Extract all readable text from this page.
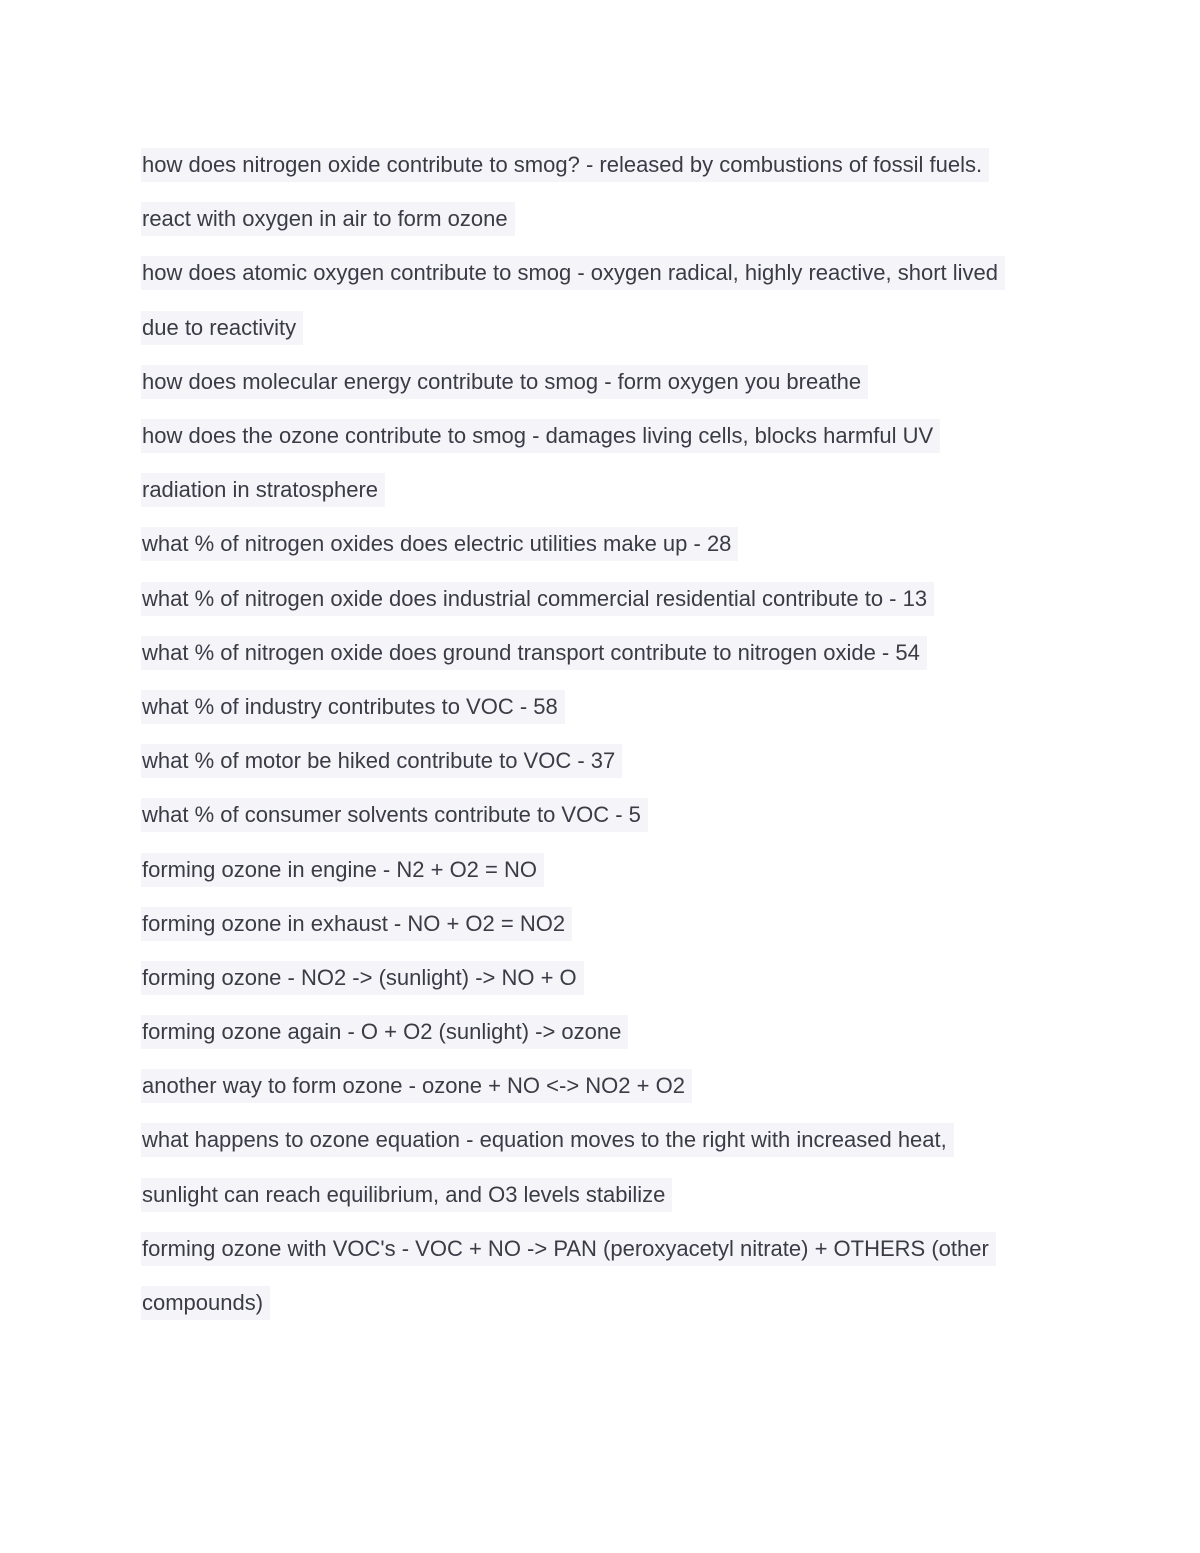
how does nitrogen oxide contribute to smog? - released by combustions of fossil fuels.
react with oxygen in air to form ozone
how does atomic oxygen contribute to smog - oxygen radical, highly reactive, short lived
due to reactivity
how does molecular energy contribute to smog - form oxygen you breathe
how does the ozone contribute to smog - damages living cells, blocks harmful UV
radiation in stratosphere
what % of nitrogen oxides does electric utilities make up - 28
what % of nitrogen oxide does industrial commercial residential contribute to - 13
what % of nitrogen oxide does ground transport contribute to nitrogen oxide - 54
what % of industry contributes to VOC - 58
what % of motor be hiked contribute to VOC - 37
what % of consumer solvents contribute to VOC - 5
forming ozone in engine - N2 + O2 = NO
forming ozone in exhaust - NO + O2 = NO2
forming ozone - NO2 -> (sunlight) -> NO + O
forming ozone again - O + O2 (sunlight) -> ozone
another way to form ozone - ozone + NO <-> NO2 + O2
what happens to ozone equation - equation moves to the right with increased heat,
sunlight can reach equilibrium, and O3 levels stabilize
forming ozone with VOC's - VOC + NO -> PAN (peroxyacetyl nitrate) + OTHERS (other
compounds)
